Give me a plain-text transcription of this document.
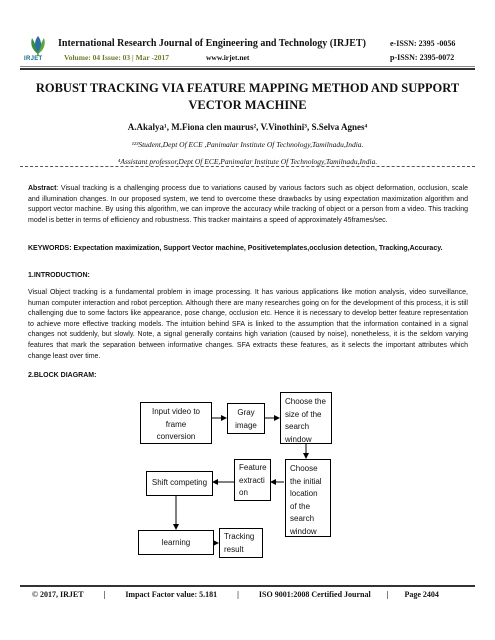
IRJET
International Research Journal of Engineering and Technology (IRJET)	e-ISSN: 2395 -0056
Volume: 04 Issue: 03 | Mar -2017	www.irjet.net	p-ISSN: 2395-0072
ROBUST TRACKING VIA FEATURE MAPPING METHOD AND SUPPORT VECTOR MACHINE
A.Akalya¹, M.Fiona clen maurus², V.Vinothini³, S.Selva Agnes⁴
¹²³Student,Dept Of ECE ,Panimalar Institute Of Technology,Tamilnadu,India.
⁴Assistant professor,Dept Of ECE,Panimalar Institute Of Technology,Tamilnadu,India.
Abstract: Visual tracking is a challenging process due to variations caused by various factors such as object deformation, occlusion, scale and illumination changes. In our proposed system, we tend to overcome these drawbacks by using expectation maximization algorithm and support vector machine. By using this algorithm, we can improve the accuracy while tracking of object or a person from a video. This tracking model is better in terms of efficiency and robustness. This tracker maintains a speed of approximately 45frames/sec.
KEYWORDS: Expectation maximization, Support Vector machine, Positivetemplates,occlusion detection, Tracking,Accuracy.
1.INTRODUCTION:
Visual Object tracking is a fundamental problem in image processing. It has various applications like motion analysis, video surveillance, human computer interaction and robot perception. Although there are many researches going on for the development of this process, it is still challenging due to some factors like appearance, pose change, occlusion etc. Hence it is necessary to develop better feature representation to achieve more effective tracking models. The intuition behind SFA is linked to the assumption that the information contained in a signal changes not suddenly, but slowly. Note, a signal generally contains high variation (caused by noise), nonetheless, it is the seldom varying features that mark the separation between informative changes. SFA extracts these features, as it selects the important attributes which change least over time.
2.BLOCK DIAGRAM:
Input video to
frame
conversion
Gray
image
Choose the
size of the
search
window
Feature
extracti
on
Choose
the initial
location
of the
search
window
Shift competing
learning
Tracking
result
© 2017, IRJET	|	Impact Factor value: 5.181	|	ISO 9001:2008 Certified Journal | Page 2404
